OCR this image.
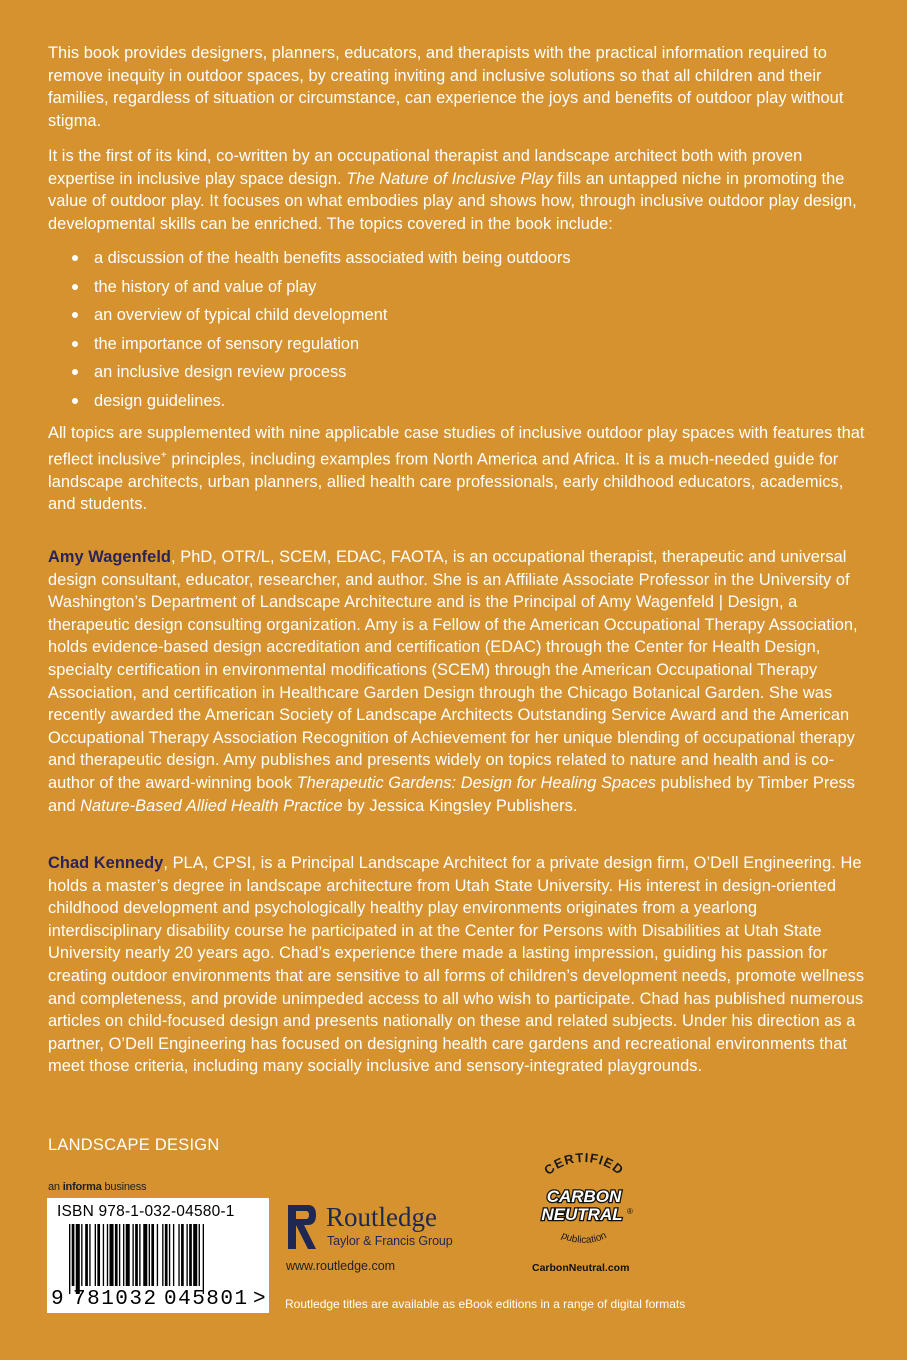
This book provides designers, planners, educators, and therapists with the practical information required to remove inequity in outdoor spaces, by creating inviting and inclusive solutions so that all children and their families, regardless of situation or circumstance, can experience the joys and benefits of outdoor play without stigma.

It is the first of its kind, co-written by an occupational therapist and landscape architect both with proven expertise in inclusive play space design. The Nature of Inclusive Play fills an untapped niche in promoting the value of outdoor play. It focuses on what embodies play and shows how, through inclusive outdoor play design, developmental skills can be enriched. The topics covered in the book include:

a discussion of the health benefits associated with being outdoors
the history of and value of play
an overview of typical child development
the importance of sensory regulation
an inclusive design review process
design guidelines.

All topics are supplemented with nine applicable case studies of inclusive outdoor play spaces with features that reflect inclusive+ principles, including examples from North America and Africa. It is a much-needed guide for landscape architects, urban planners, allied health care professionals, early childhood educators, academics, and students.

Amy Wagenfeld, PhD, OTR/L, SCEM, EDAC, FAOTA, is an occupational therapist, therapeutic and universal design consultant, educator, researcher, and author. She is an Affiliate Associate Professor in the University of Washington’s Department of Landscape Architecture and is the Principal of Amy Wagenfeld | Design, a therapeutic design consulting organization. Amy is a Fellow of the American Occupational Therapy Association, holds evidence-based design accreditation and certification (EDAC) through the Center for Health Design, specialty certification in environmental modifications (SCEM) through the American Occupational Therapy Association, and certification in Healthcare Garden Design through the Chicago Botanical Garden. She was recently awarded the American Society of Landscape Architects Outstanding Service Award and the American Occupational Therapy Association Recognition of Achievement for her unique blending of occupational therapy and therapeutic design. Amy publishes and presents widely on topics related to nature and health and is co-author of the award-winning book Therapeutic Gardens: Design for Healing Spaces published by Timber Press and Nature-Based Allied Health Practice by Jessica Kingsley Publishers.

Chad Kennedy, PLA, CPSI, is a Principal Landscape Architect for a private design firm, O’Dell Engineering. He holds a master’s degree in landscape architecture from Utah State University. His interest in design-oriented childhood development and psychologically healthy play environments originates from a yearlong interdisciplinary disability course he participated in at the Center for Persons with Disabilities at Utah State University nearly 20 years ago. Chad’s experience there made a lasting impression, guiding his passion for creating outdoor environments that are sensitive to all forms of children’s development needs, promote wellness and completeness, and provide unimpeded access to all who wish to participate. Chad has published numerous articles on child-focused design and presents nationally on these and related subjects. Under his direction as a partner, O’Dell Engineering has focused on designing health care gardens and recreational environments that meet those criteria, including many socially inclusive and sensory-integrated playgrounds.

LANDSCAPE DESIGN
an informa business
ISBN 978-1-032-04580-1
9 781032 045801 >
Routledge
Taylor & Francis Group
www.routledge.com
CERTIFIED
CARBON
NEUTRAL ®
publication
CarbonNeutral.com
Routledge titles are available as eBook editions in a range of digital formats
